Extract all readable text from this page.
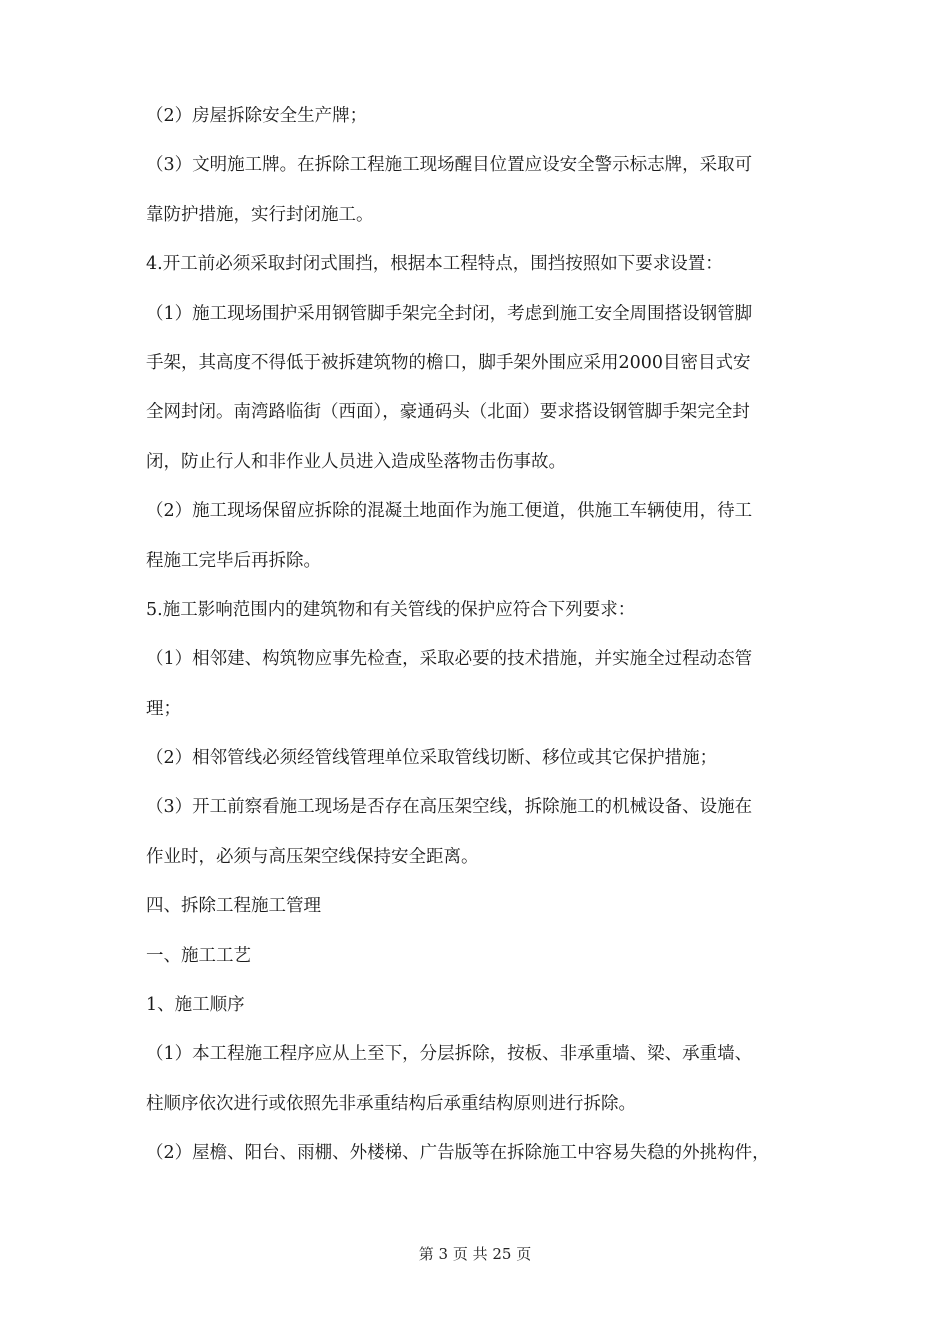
（2）房屋拆除安全生产牌；
（3）文明施工牌。在拆除工程施工现场醒目位置应设安全警示标志牌，采取可
靠防护措施，实行封闭施工。
4.开工前必须采取封闭式围挡，根据本工程特点，围挡按照如下要求设置：
（1）施工现场围护采用钢管脚手架完全封闭，考虑到施工安全周围搭设钢管脚
手架，其高度不得低于被拆建筑物的檐口，脚手架外围应采用2000目密目式安
全网封闭。南湾路临街（西面），豪通码头（北面）要求搭设钢管脚手架完全封
闭，防止行人和非作业人员进入造成坠落物击伤事故。
（2）施工现场保留应拆除的混凝土地面作为施工便道，供施工车辆使用，待工
程施工完毕后再拆除。
5.施工影响范围内的建筑物和有关管线的保护应符合下列要求：
（1）相邻建、构筑物应事先检查，采取必要的技术措施，并实施全过程动态管
理；
（2）相邻管线必须经管线管理单位采取管线切断、移位或其它保护措施；
（3）开工前察看施工现场是否存在高压架空线，拆除施工的机械设备、设施在
作业时，必须与高压架空线保持安全距离。
四、拆除工程施工管理
一、施工工艺
1、施工顺序
（1）本工程施工程序应从上至下，分层拆除，按板、非承重墙、梁、承重墙、
柱顺序依次进行或依照先非承重结构后承重结构原则进行拆除。
（2）屋檐、阳台、雨棚、外楼梯、广告版等在拆除施工中容易失稳的外挑构件，
第 3 页 共 25 页
